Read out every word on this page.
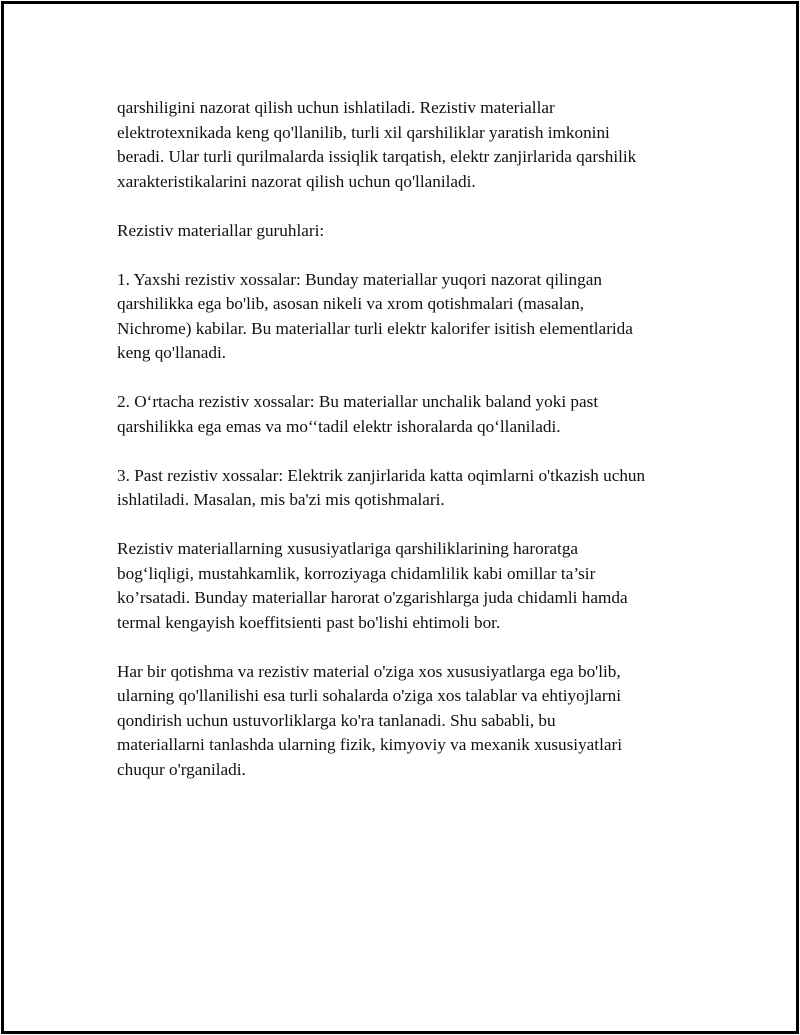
qarshiligini nazorat qilish uchun ishlatiladi. Rezistiv materiallar
elektrotexnikada keng qo'llanilib, turli xil qarshiliklar yaratish imkonini
beradi. Ular turli qurilmalarda issiqlik tarqatish, elektr zanjirlarida qarshilik
xarakteristikalarini nazorat qilish uchun qo'llaniladi.

Rezistiv materiallar guruhlari:

1. Yaxshi rezistiv xossalar: Bunday materiallar yuqori nazorat qilingan
qarshilikka ega bo'lib, asosan nikeli va xrom qotishmalari (masalan,
Nichrome) kabilar. Bu materiallar turli elektr kalorifer isitish elementlarida
keng qo'llanadi.

2. O‘rtacha rezistiv xossalar: Bu materiallar unchalik baland yoki past
qarshilikka ega emas va mo‘‘tadil elektr ishoralarda qo‘llaniladi.

3. Past rezistiv xossalar: Elektrik zanjirlarida katta oqimlarni o'tkazish uchun
ishlatiladi. Masalan, mis ba'zi mis qotishmalari.

Rezistiv materiallarning xususiyatlariga qarshiliklarining haroratga
bog‘liqligi, mustahkamlik, korroziyaga chidamlilik kabi omillar ta’sir
ko’rsatadi. Bunday materiallar harorat o'zgarishlarga juda chidamli hamda
termal kengayish koeffitsienti past bo'lishi ehtimoli bor.

Har bir qotishma va rezistiv material o'ziga xos xususiyatlarga ega bo'lib,
ularning qo'llanilishi esa turli sohalarda o'ziga xos talablar va ehtiyojlarni
qondirish uchun ustuvorliklarga ko'ra tanlanadi. Shu sababli, bu
materiallarni tanlashda ularning fizik, kimyoviy va mexanik xususiyatlari
chuqur o'rganiladi.
